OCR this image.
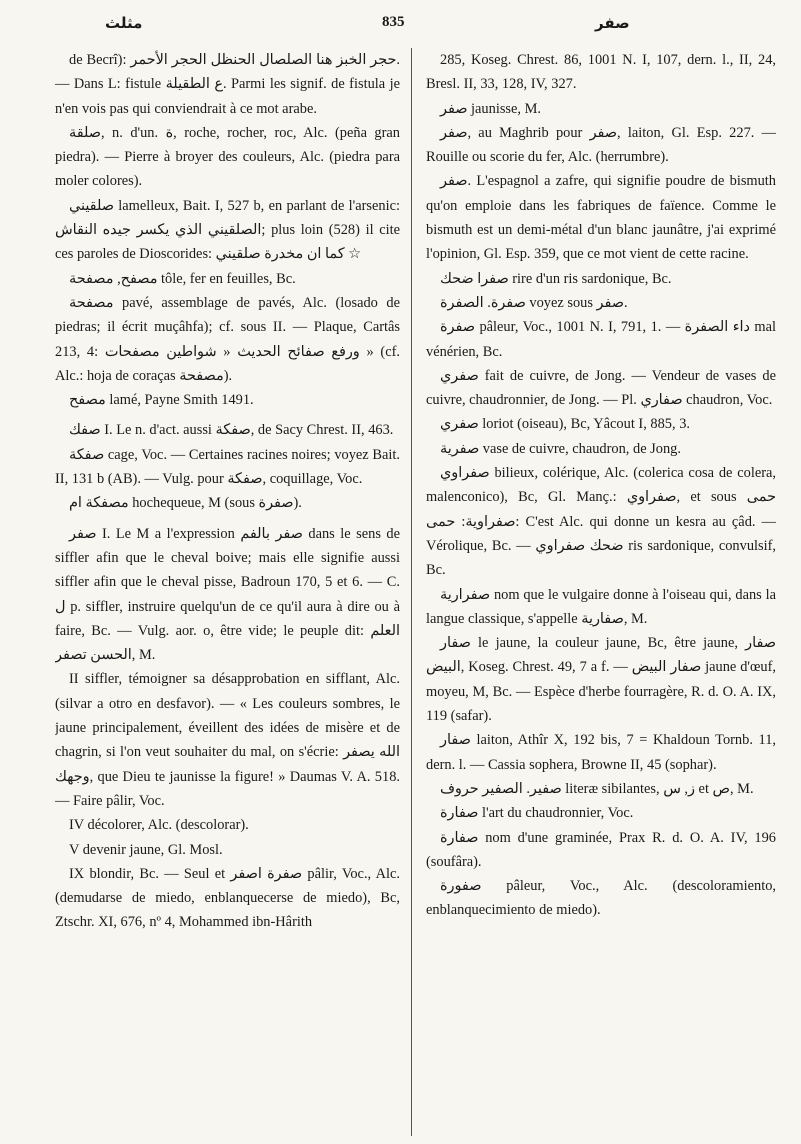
مثلث	835	صفر

de Becrî): حجر الخبز هنا الصلصال الحنظل الحجر الأحمر. — Dans L: fistule ع الطقيلة. Parmi les signif. de fistula je n'en vois pas qui conviendrait à ce mot arabe.

صلقة, n. d'un. ة, roche, rocher, roc, Alc. (peña gran piedra). — Pierre à broyer des couleurs, Alc. (piedra para moler colores).

صلقيني lamelleux, Bait. I, 527 b, en parlant de l'arsenic: الصلقيني الذي يكسر جيده النقاش; plus loin (528) il cite ces paroles de Dioscorides: كما ان مخدرة صلقيني ☆

مصفح, مصفحة tôle, fer en feuilles, Bc.

مصفحة pavé, assemblage de pavés, Alc. (losado de piedras; il écrit muçâhfa); cf. sous II. — Plaque, Cartâs 213, 4: ورفع صفائح الحديث « شواطين مصفحات » (cf. Alc.: hoja de coraças مصفحة).

مصفح lamé, Payne Smith 1491.

صفك I. Le n. d'act. aussi صفكة, de Sacy Chrest. II, 463.

صفكة cage, Voc. — Certaines racines noires; voyez Bait. II, 131 b (AB). — Vulg. pour صفكة, coquillage, Voc.

مصفكة ام hochequeue, M (sous صفرة).

صفر I. Le M a l'expression صفر بالفم dans le sens de siffler afin que le cheval boive; mais elle signifie aussi siffler afin que le cheval pisse, Badroun 170, 5 et 6. — C. ل p. siffler, instruire quelqu'un de ce qu'il aura à dire ou à faire, Bc. — Vulg. aor. o, être vide; le peuple dit: العلم الحسن تصفر, M.

II siffler, témoigner sa désapprobation en sifflant, Alc. (silvar a otro en desfavor). — « Les couleurs sombres, le jaune principalement, éveillent des idées de misère et de chagrin, si l'on veut souhaiter du mal, on s'écrie: الله يصفر وجهك, que Dieu te jaunisse la figure! » Daumas V. A. 518. — Faire pâlir, Voc.

IV décolorer, Alc. (descolorar).

V devenir jaune, Gl. Mosl.

IX blondir, Bc. — Seul et صفرة اصفر pâlir, Voc., Alc. (demudarse de miedo, enblanquecerse de miedo), Bc, Ztschr. XI, 676, nº 4, Mohammed ibn-Hârith

285, Koseg. Chrest. 86, 1001 N. I, 107, dern. l., II, 24, Bresl. II, 33, 128, IV, 327.

صفر jaunisse, M.

صفر, au Maghrib pour صفر, laiton, Gl. Esp. 227. — Rouille ou scorie du fer, Alc. (herrumbre).

صفر. L'espagnol a zafre, qui signifie poudre de bismuth qu'on emploie dans les fabriques de faïence. Comme le bismuth est un demi-métal d'un blanc jaunâtre, j'ai exprimé l'opinion, Gl. Esp. 359, que ce mot vient de cette racine.

صفرا ضحك rire d'un ris sardonique, Bc.

صفرة. الصفرة voyez sous صفر.

صفرة pâleur, Voc., 1001 N. I, 791, 1. — داء الصفرة mal vénérien, Bc.

صفري fait de cuivre, de Jong. — Vendeur de vases de cuivre, chaudronnier, de Jong. — Pl. صفاري chaudron, Voc.

صفري loriot (oiseau), Bc, Yâcout I, 885, 3.

صفرية vase de cuivre, chaudron, de Jong.

صفراوي bilieux, colérique, Alc. (colerica cosa de colera, malenconico), Bc, Gl. Manç.: صفراوي, et sous حمى صفراوية: حمى: C'est Alc. qui donne un kesra au çâd. — Vérolique, Bc. — ضحك صفراوي ris sardonique, convulsif, Bc.

صفرارية nom que le vulgaire donne à l'oiseau qui, dans la langue classique, s'appelle صفارية, M.

صفار le jaune, la couleur jaune, Bc, être jaune, صفار البيض, Koseg. Chrest. 49, 7 a f. — صفار البيض jaune d'œuf, moyeu, M, Bc. — Espèce d'herbe fourragère, R. d. O. A. IX, 119 (safar).

صفار laiton, Athîr X, 192 bis, 7 = Khaldoun Tornb. 11, dern. l. — Cassia sophera, Browne II, 45 (sophar).

صفير. الصفير حروف literæ sibilantes, ز, س et ص, M.

صفارة l'art du chaudronnier, Voc.

صفارة nom d'une graminée, Prax R. d. O. A. IV, 196 (soufâra).

صفورة pâleur, Voc., Alc. (descoloramiento, enblanquecimiento de miedo).
